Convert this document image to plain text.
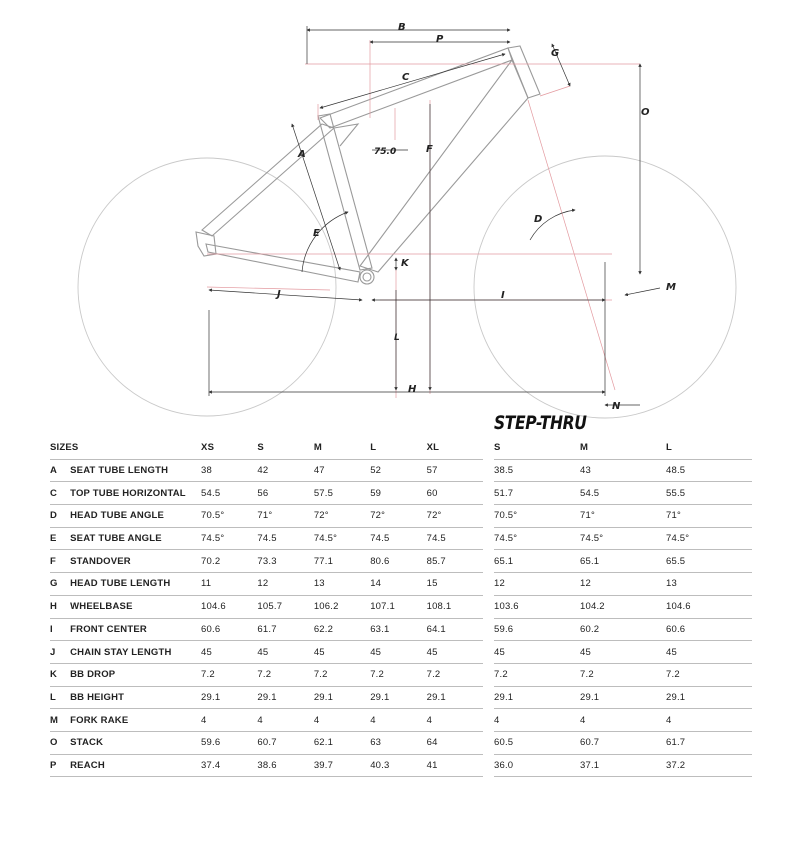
B
P
G
C
O
A	75.0	F
D
E
K
M
J	I
L
H
N
STEP-THRU
SIZES		XS	S	M	L	XL
A	SEAT TUBE LENGTH	38	42	47	52	57
C	TOP TUBE HORIZONTAL	54.5	56	57.5	59	60
D	HEAD TUBE ANGLE	70.5°	71°	72°	72°	72°
E	SEAT TUBE ANGLE	74.5°	74.5	74.5°	74.5	74.5
F	STANDOVER	70.2	73.3	77.1	80.6	85.7
G	HEAD TUBE LENGTH	11	12	13	14	15
H	WHEELBASE	104.6	105.7	106.2	107.1	108.1
I	FRONT CENTER	60.6	61.7	62.2	63.1	64.1
J	CHAIN STAY LENGTH	45	45	45	45	45
K	BB DROP	7.2	7.2	7.2	7.2	7.2
L	BB HEIGHT	29.1	29.1	29.1	29.1	29.1
M	FORK RAKE	4	4	4	4	4
O	STACK	59.6	60.7	62.1	63	64
P	REACH	37.4	38.6	39.7	40.3	41
S	M	L
38.5	43	48.5
51.7	54.5	55.5
70.5°	71°	71°
74.5°	74.5°	74.5°
65.1	65.1	65.5
12	12	13
103.6	104.2	104.6
59.6	60.2	60.6
45	45	45
7.2	7.2	7.2
29.1	29.1	29.1
4	4	4
60.5	60.7	61.7
36.0	37.1	37.2
